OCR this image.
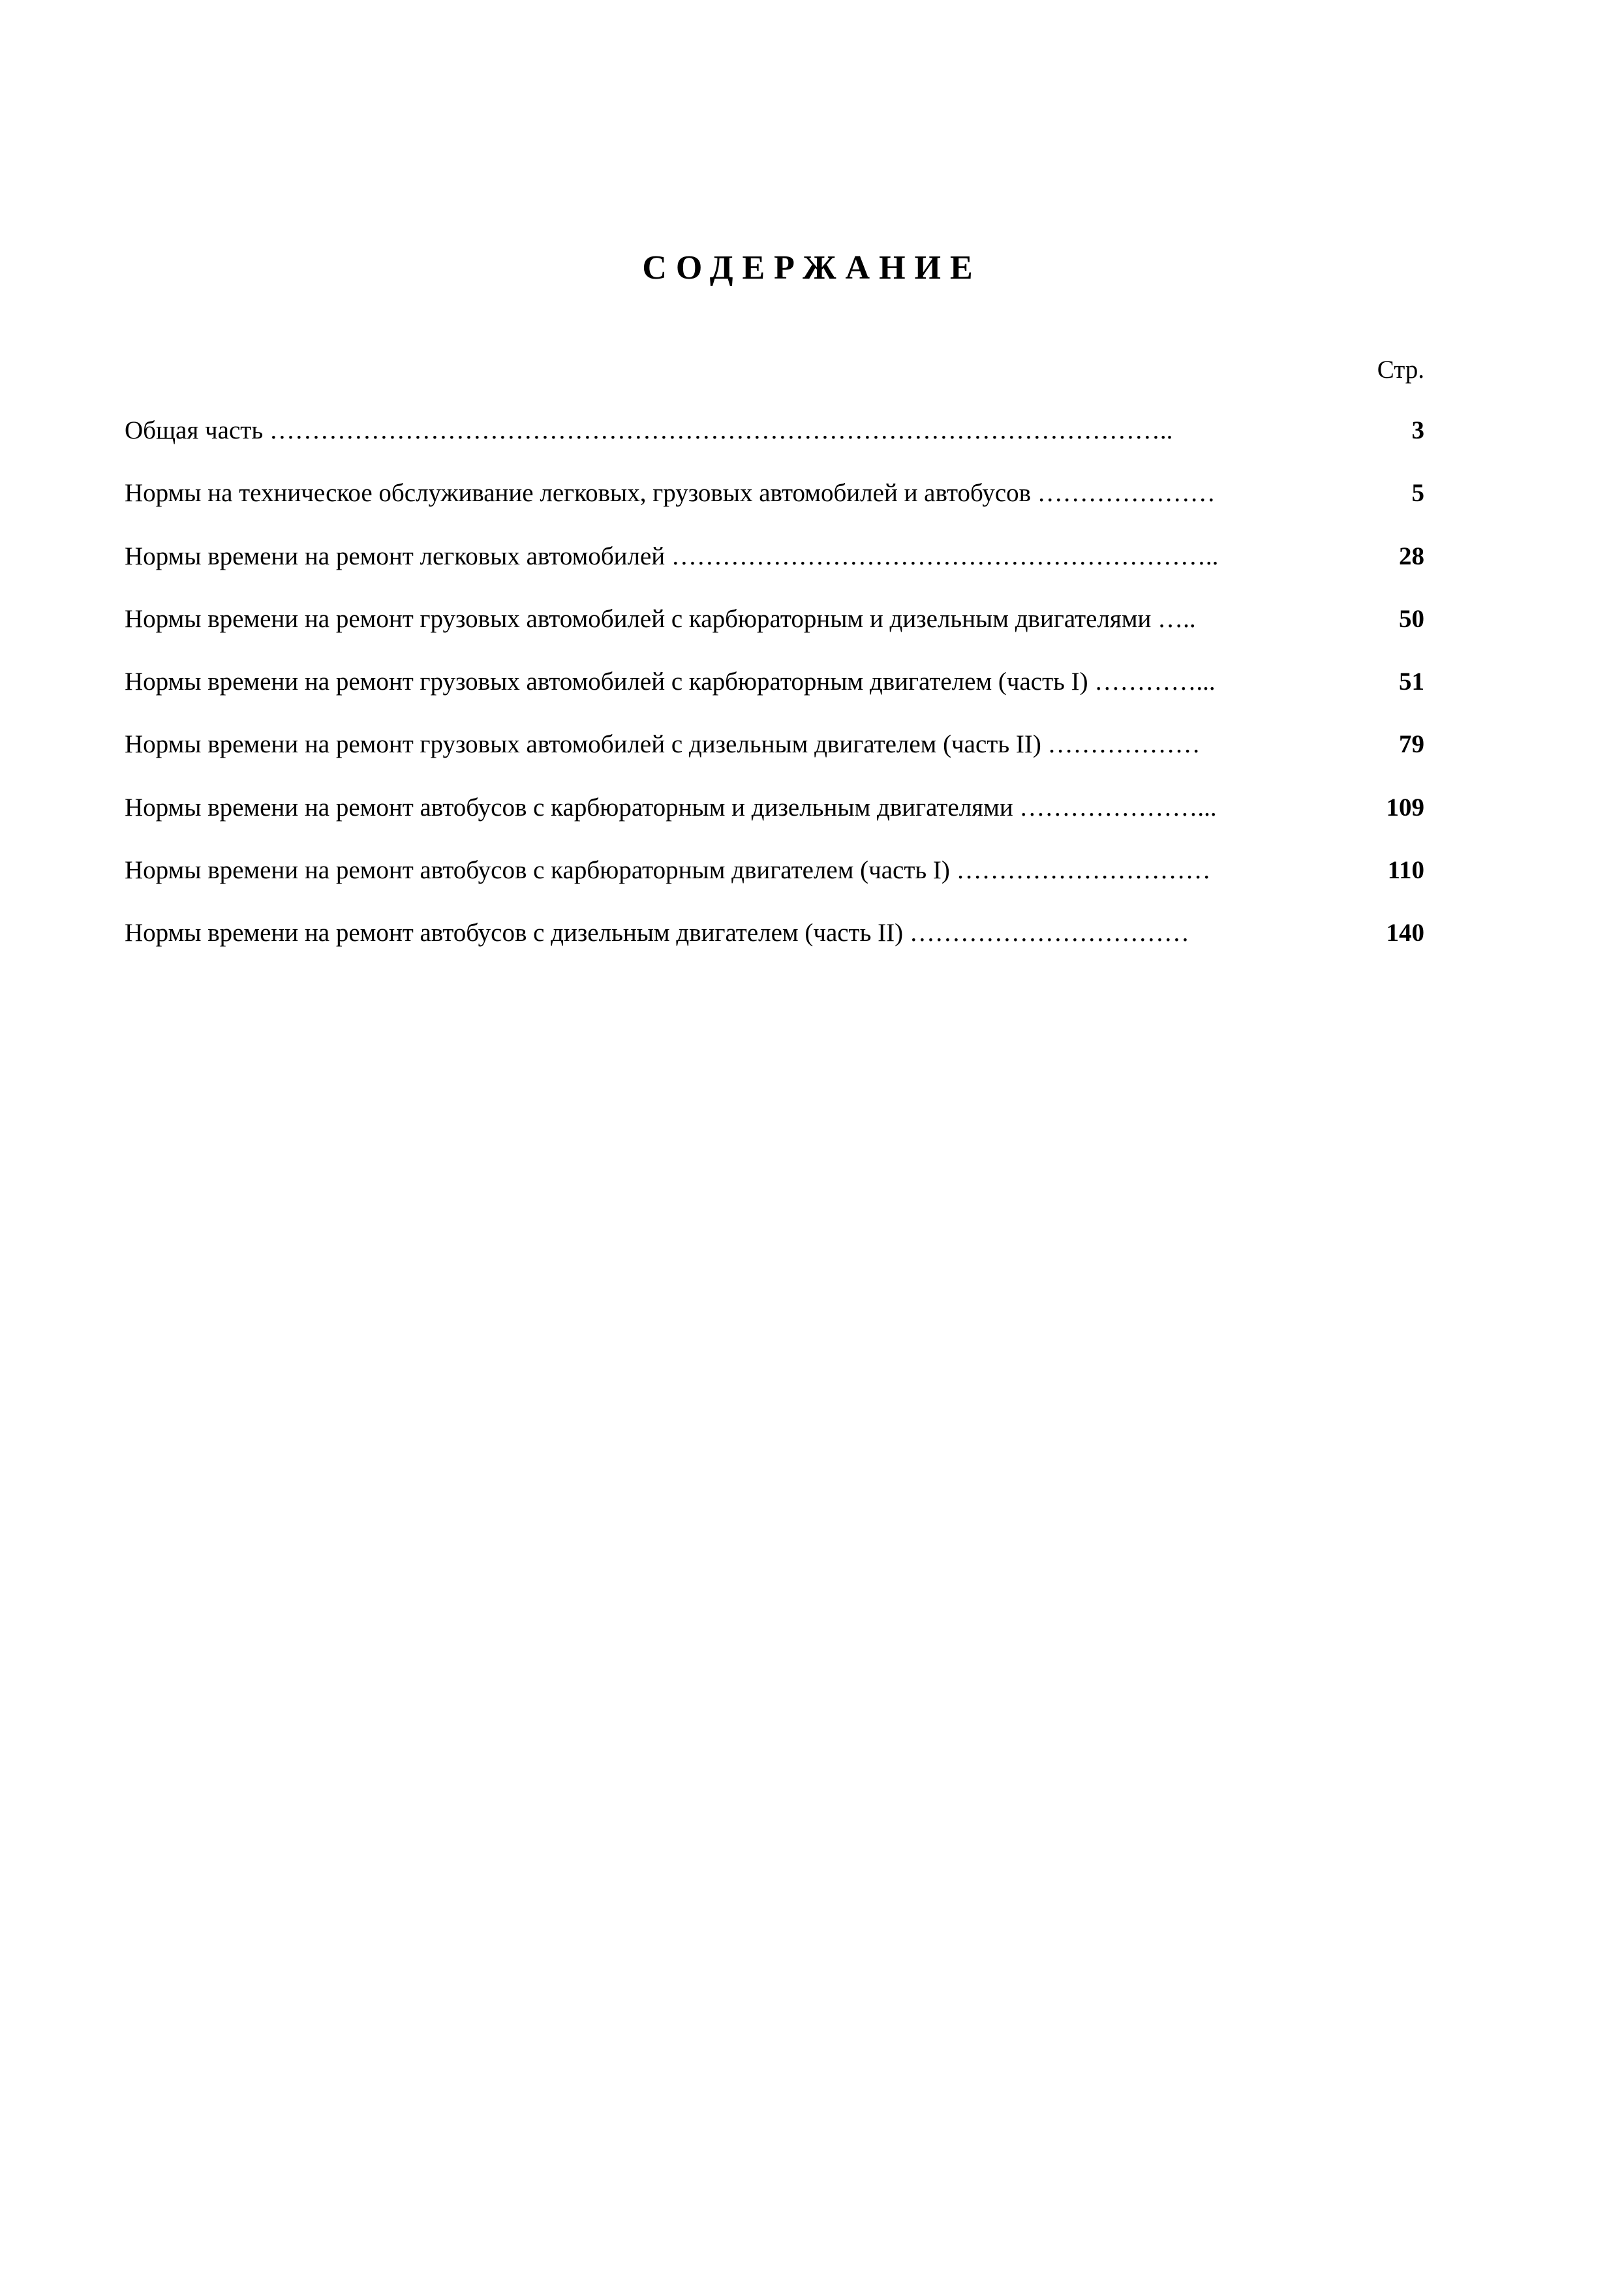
СОДЕРЖАНИЕ
Стр.
Общая часть ……………………………………………………………………………………………..	3
Нормы на техническое обслуживание легковых, грузовых автомобилей и автобусов …………………	5
Нормы времени на ремонт легковых автомобилей ………………………………………………………..	28
Нормы времени на ремонт грузовых автомобилей с карбюраторным и дизельным двигателями …..	50
Нормы времени на ремонт грузовых автомобилей с карбюраторным двигателем (часть I) …………...	51
Нормы времени на ремонт грузовых автомобилей с дизельным двигателем (часть II) ………………	79
Нормы времени на ремонт автобусов с карбюраторным и дизельным двигателями …………………...	109
Нормы времени на ремонт автобусов с карбюраторным двигателем (часть I) …………………………	110
Нормы времени на ремонт автобусов с дизельным двигателем (часть II) ……………………………	140
